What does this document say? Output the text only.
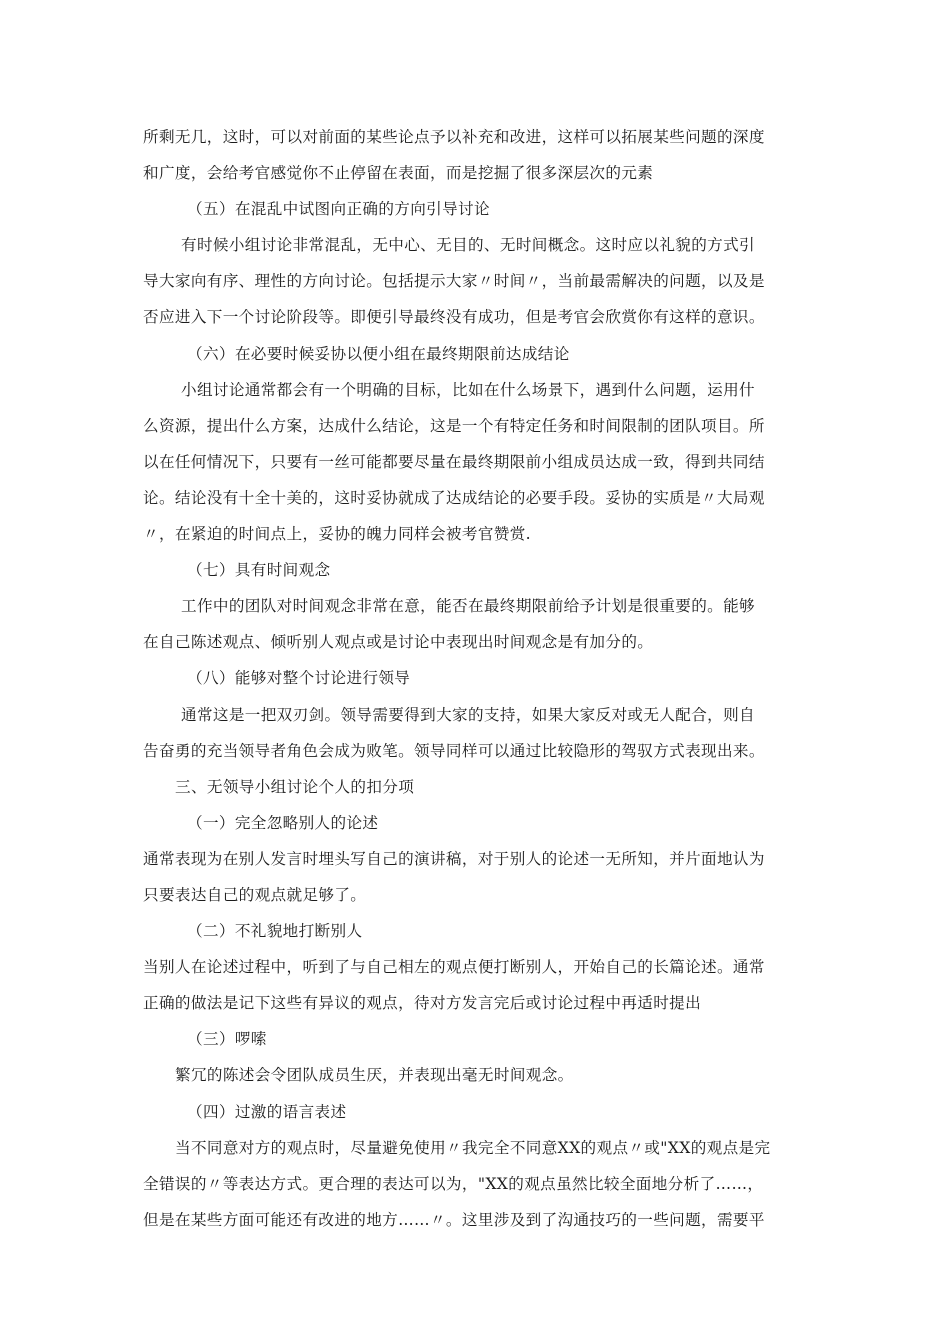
所剩无几，这时，可以对前面的某些论点予以补充和改进，这样可以拓展某些问题的深度
和广度，会给考官感觉你不止停留在表面，而是挖掘了很多深层次的元素
（五）在混乱中试图向正确的方向引导讨论
有时候小组讨论非常混乱，无中心、无目的、无时间概念。这时应以礼貌的方式引
导大家向有序、理性的方向讨论。包括提示大家〃时间〃，当前最需解决的问题，以及是
否应进入下一个讨论阶段等。即便引导最终没有成功，但是考官会欣赏你有这样的意识。
（六）在必要时候妥协以便小组在最终期限前达成结论
小组讨论通常都会有一个明确的目标，比如在什么场景下，遇到什么问题，运用什
么资源，提出什么方案，达成什么结论，这是一个有特定任务和时间限制的团队项目。所
以在任何情况下，只要有一丝可能都要尽量在最终期限前小组成员达成一致，得到共同结
论。结论没有十全十美的，这时妥协就成了达成结论的必要手段。妥协的实质是〃大局观
〃，在紧迫的时间点上，妥协的魄力同样会被考官赞赏.
（七）具有时间观念
工作中的团队对时间观念非常在意，能否在最终期限前给予计划是很重要的。能够
在自己陈述观点、倾听别人观点或是讨论中表现出时间观念是有加分的。
（八）能够对整个讨论进行领导
通常这是一把双刃剑。领导需要得到大家的支持，如果大家反对或无人配合，则自
告奋勇的充当领导者角色会成为败笔。领导同样可以通过比较隐形的驾驭方式表现出来。
三、无领导小组讨论个人的扣分项
（一）完全忽略别人的论述
通常表现为在别人发言时埋头写自己的演讲稿，对于别人的论述一无所知，并片面地认为
只要表达自己的观点就足够了。
（二）不礼貌地打断别人
当别人在论述过程中，听到了与自己相左的观点便打断别人，开始自己的长篇论述。通常
正确的做法是记下这些有异议的观点，待对方发言完后或讨论过程中再适时提出
（三）啰嗦
繁冗的陈述会令团队成员生厌，并表现出毫无时间观念。
（四）过激的语言表述
当不同意对方的观点时，尽量避免使用〃我完全不同意XX的观点〃或"XX的观点是完
全错误的〃等表达方式。更合理的表达可以为，"XX的观点虽然比较全面地分析了……，
但是在某些方面可能还有改进的地方……〃。这里涉及到了沟通技巧的一些问题，需要平
